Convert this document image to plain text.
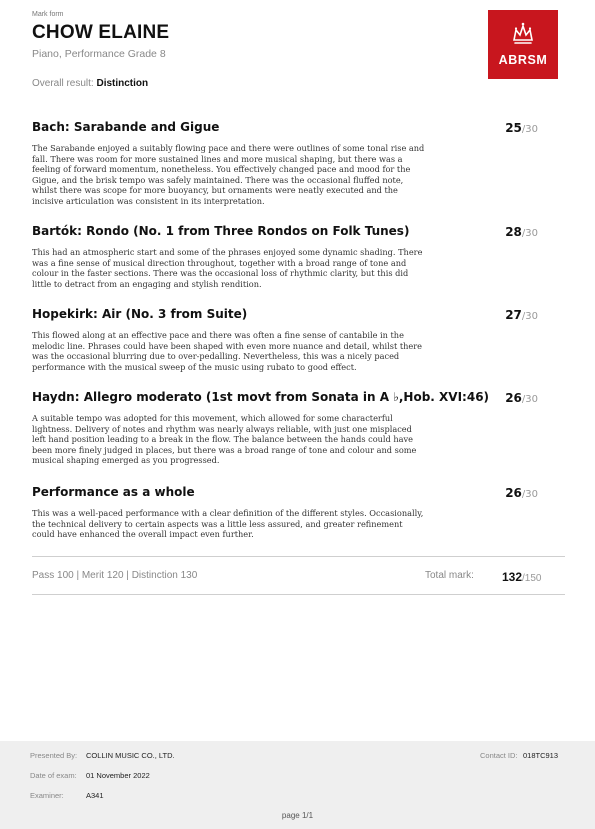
Mark form
CHOW ELAINE
Piano, Performance Grade 8
Overall result: Distinction
ABRSM
Bach: Sarabande and Gigue	25/30
The Sarabande enjoyed a suitably flowing pace and there were outlines of some tonal rise and fall. There was room for more sustained lines and more musical shaping, but there was a feeling of forward momentum, nonetheless. You effectively changed pace and mood for the Gigue, and the brisk tempo was safely maintained. There was the occasional fluffed note, whilst there was scope for more buoyancy, but ornaments were neatly executed and the incisive articulation was consistent in its interpretation.
Bartók: Rondo (No. 1 from Three Rondos on Folk Tunes)	28/30
This had an atmospheric start and some of the phrases enjoyed some dynamic shading. There was a fine sense of musical direction throughout, together with a broad range of tone and colour in the faster sections. There was the occasional loss of rhythmic clarity, but this did little to detract from an engaging and stylish rendition.
Hopekirk: Air (No. 3 from Suite)	27/30
This flowed along at an effective pace and there was often a fine sense of cantabile in the melodic line. Phrases could have been shaped with even more nuance and detail, whilst there was the occasional blurring due to over-pedalling. Nevertheless, this was a nicely paced performance with the musical sweep of the music using rubato to good effect.
Haydn: Allegro moderato (1st movt from Sonata in A ♭,Hob. XVI:46)	26/30
A suitable tempo was adopted for this movement, which allowed for some characterful lightness. Delivery of notes and rhythm was nearly always reliable, with just one misplaced left hand position leading to a break in the flow. The balance between the hands could have been more finely judged in places, but there was a broad range of tone and colour and some musical shaping emerged as you progressed.
Performance as a whole	26/30
This was a well-paced performance with a clear definition of the different styles. Occasionally, the technical delivery to certain aspects was a little less assured, and greater refinement could have enhanced the overall impact even further.
Pass 100 | Merit 120 | Distinction 130	Total mark: 132/150
Presented By: COLLIN MUSIC CO., LTD.	Contact ID: 018TC913
Date of exam: 01 November 2022
Examiner:	A341
page 1/1
